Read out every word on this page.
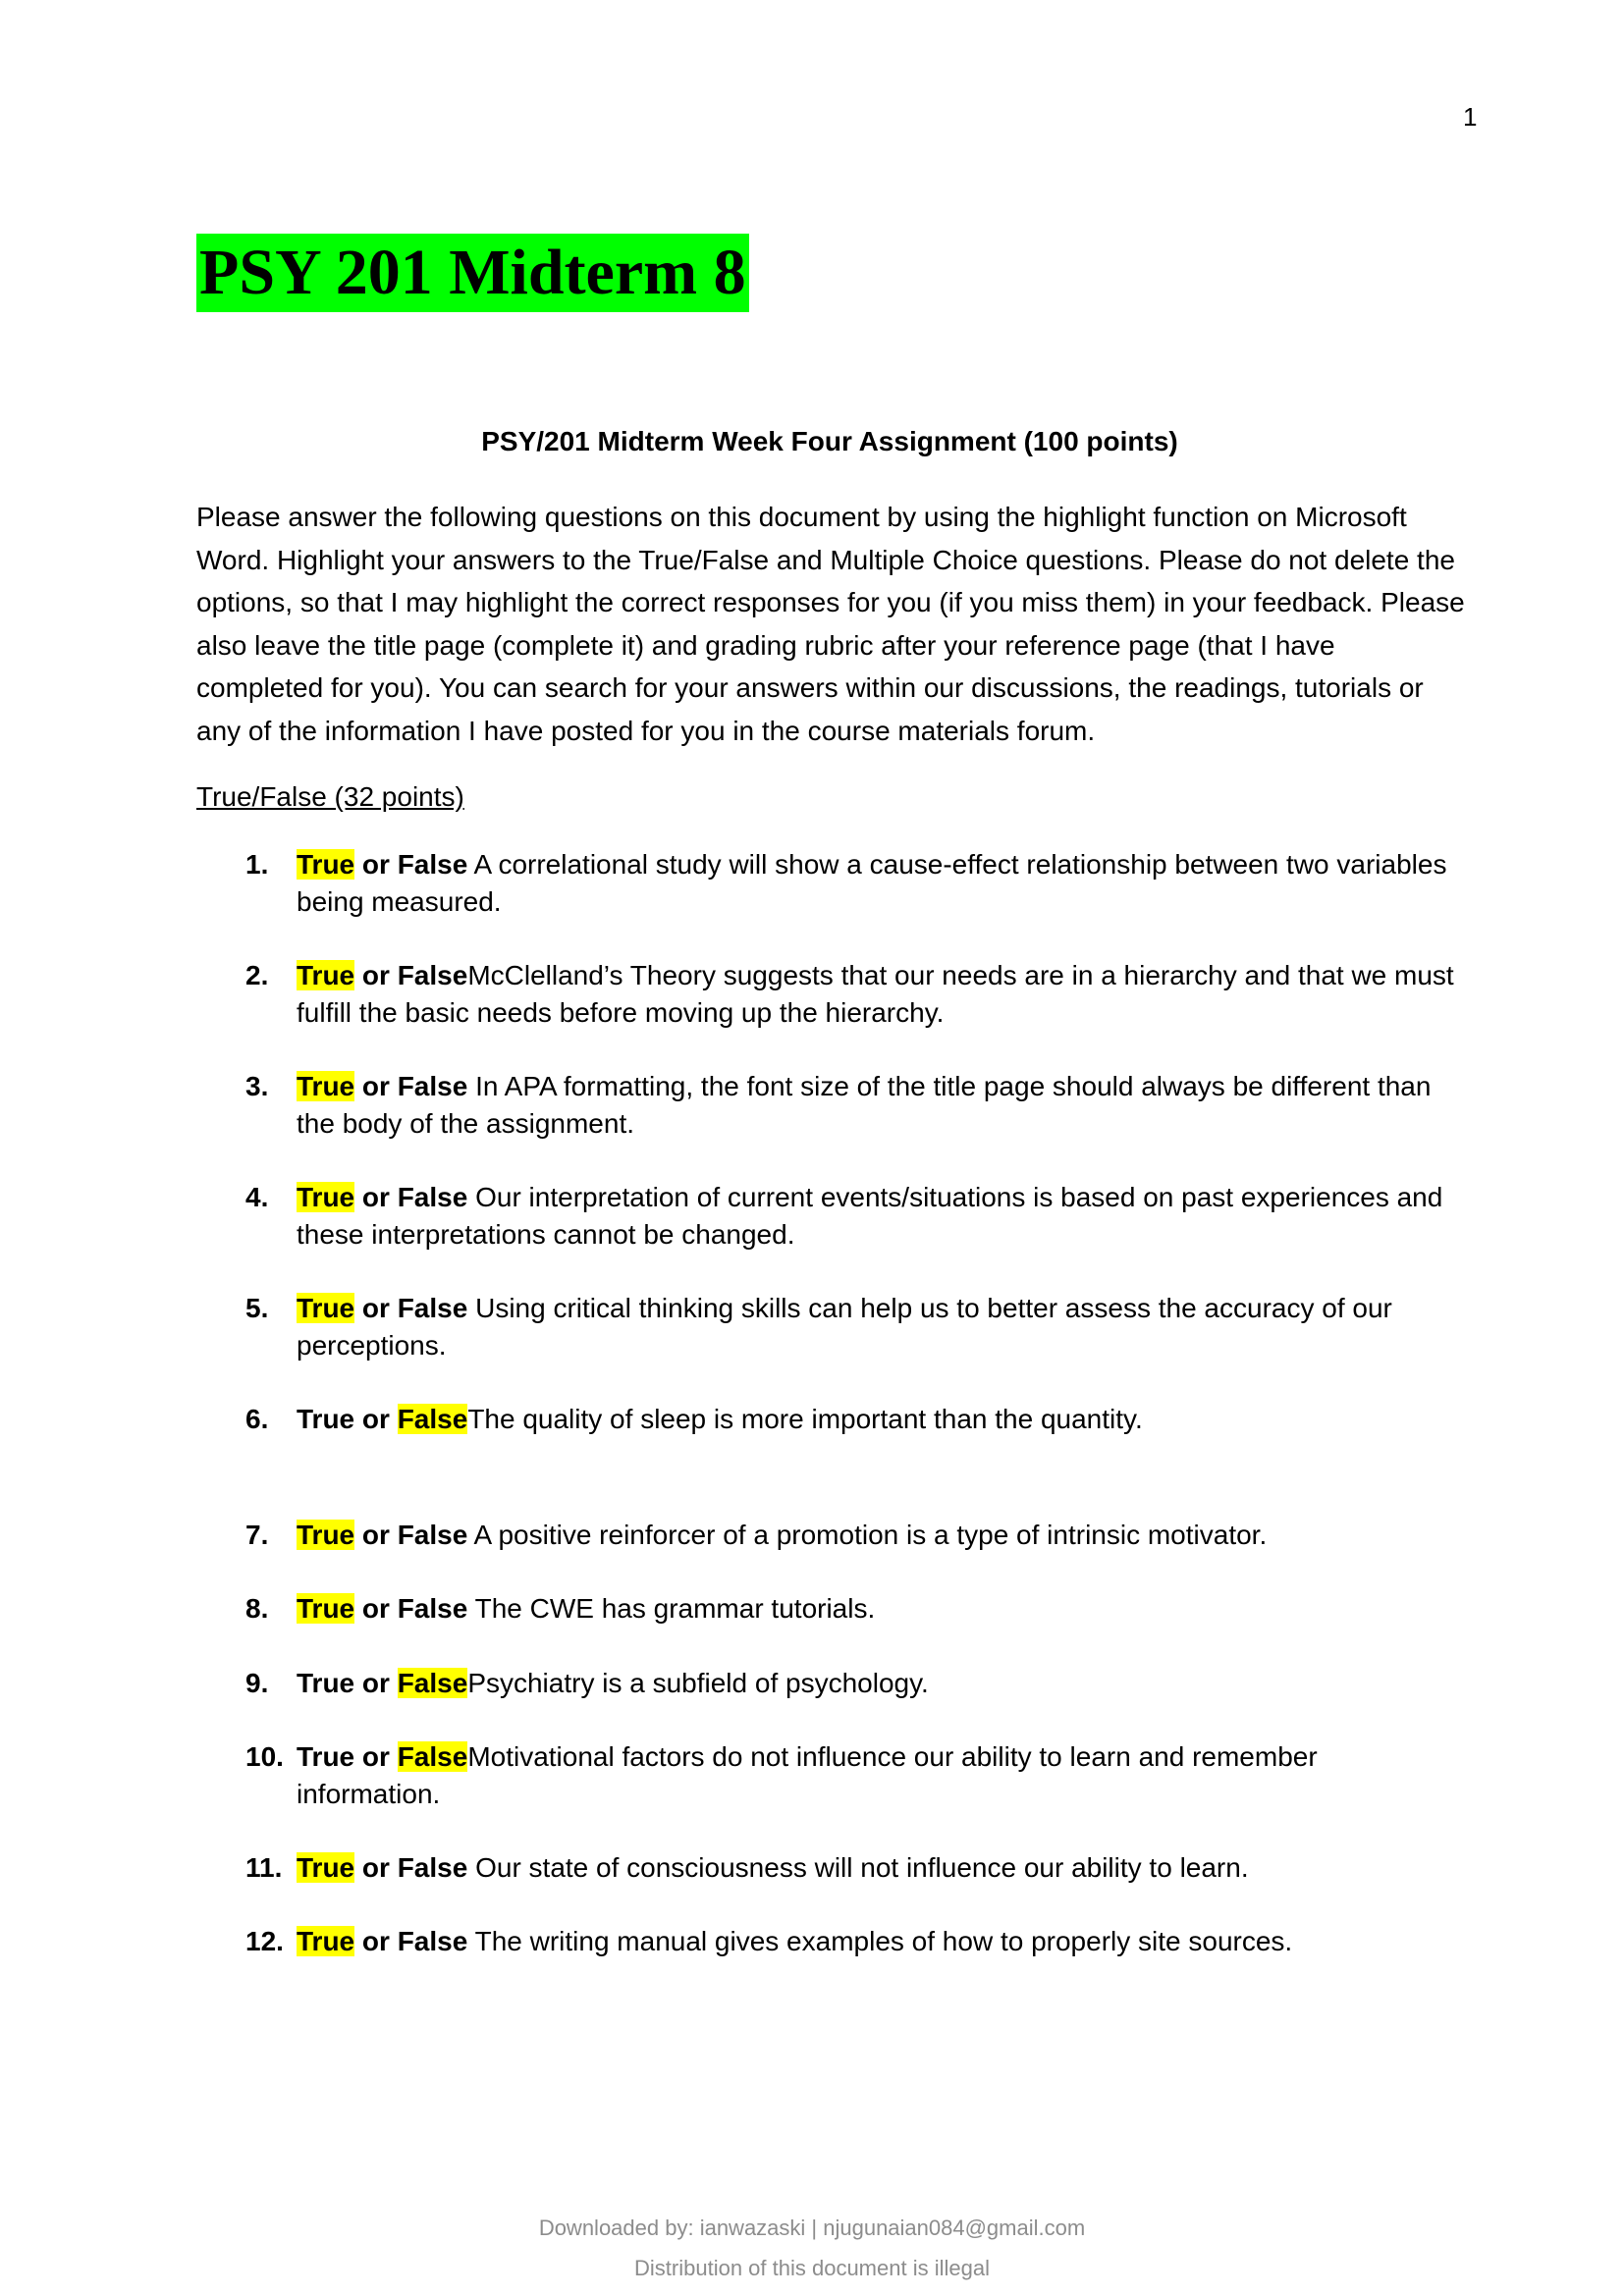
1
PSY 201 Midterm 8
PSY/201 Midterm Week Four Assignment (100 points)

Please answer the following questions on this document by using the highlight function on Microsoft Word. Highlight your answers to the True/False and Multiple Choice questions. Please do not delete the options, so that I may highlight the correct responses for you (if you miss them) in your feedback. Please also leave the title page (complete it) and grading rubric after your reference page (that I have completed for you). You can search for your answers within our discussions, the readings, tutorials or any of the information I have posted for you in the course materials forum.

True/False (32 points)
1.	True or False A correlational study will show a cause-effect relationship between two variables being measured.
2.	True or FalseMcClelland’s Theory suggests that our needs are in a hierarchy and that we must fulfill the basic needs before moving up the hierarchy.
3.	True or False In APA formatting, the font size of the title page should always be different than the body of the assignment.
4.	True or False Our interpretation of current events/situations is based on past experiences and these interpretations cannot be changed.
5.	True or False Using critical thinking skills can help us to better assess the accuracy of our perceptions.
6.	True or FalseThe quality of sleep is more important than the quantity.
7.	True or False A positive reinforcer of a promotion is a type of intrinsic motivator.
8.	True or False The CWE has grammar tutorials.
9.	True or FalsePsychiatry is a subfield of psychology.
10. True or FalseMotivational factors do not influence our ability to learn and remember information.
11. True or False Our state of consciousness will not influence our ability to learn.
12. True or False The writing manual gives examples of how to properly site sources.
Downloaded by: ianwazaski | njugunaian084@gmail.com
Distribution of this document is illegal
